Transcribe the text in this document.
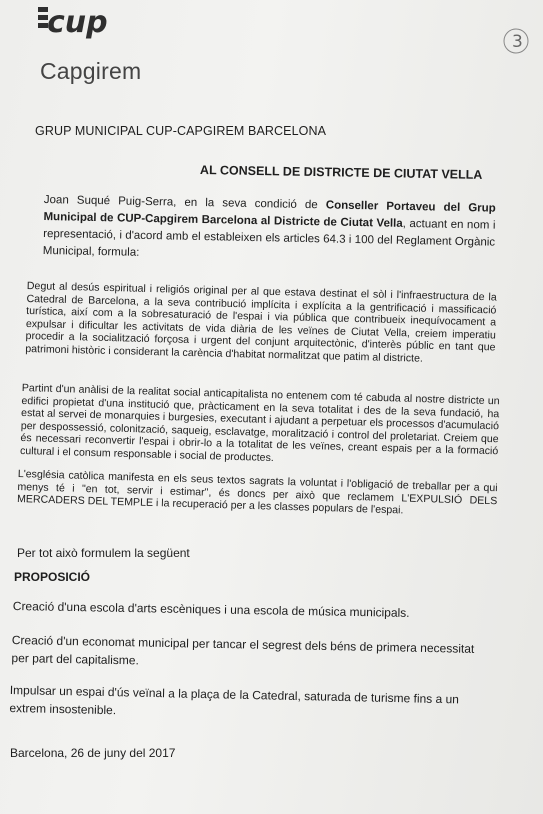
cup
Capgirem
3
GRUP MUNICIPAL CUP-CAPGIREM BARCELONA
AL CONSELL DE DISTRICTE DE CIUTAT VELLA
Joan Suqué Puig-Serra, en la seva condició de Conseller Portaveu del Grup Municipal de CUP-Capgirem Barcelona al Districte de Ciutat Vella, actuant en nom i representació, i d'acord amb el estableixen els articles 64.3 i 100 del Reglament Orgànic Municipal, formula:
Degut al desús espiritual i religiós original per al que estava destinat el sòl i l'infraestructura de la Catedral de Barcelona, a la seva contribució implícita i explícita a la gentrificació i massificació turística, així com a la sobresaturació de l'espai i via pública que contribueix inequívocament a expulsar i dificultar les activitats de vida diària de les veïnes de Ciutat Vella, creiem imperatiu procedir a la socialització forçosa i urgent del conjunt arquitectònic, d'interès públic en tant que patrimoni històric i considerant la carència d'habitat normalitzat que patim al districte.
Partint d'un anàlisi de la realitat social anticapitalista no entenem com té cabuda al nostre districte un edifici propietat d'una institució que, pràcticament en la seva totalitat i des de la seva fundació, ha estat al servei de monarquies i burgesies, executant i ajudant a perpetuar els processos d'acumulació per despossessió, colonització, saqueig, esclavatge, moralització i control del proletariat. Creiem que és necessari reconvertir l'espai i obrir-lo a la totalitat de les veïnes, creant espais per a la formació cultural i el consum responsable i social de productes.
L'església catòlica manifesta en els seus textos sagrats la voluntat i l'obligació de treballar per a qui menys té i "en tot, servir i estimar", és doncs per això que reclamem L'EXPULSIÓ DELS MERCADERS DEL TEMPLE i la recuperació per a les classes populars de l'espai.
Per tot això formulem la següent
PROPOSICIÓ
Creació d'una escola d'arts escèniques i una escola de música municipals.
Creació d'un economat municipal per tancar el segrest dels béns de primera necessitat per part del capitalisme.
Impulsar un espai d'ús veïnal a la plaça de la Catedral, saturada de turisme fins a un extrem insostenible.
Barcelona, 26 de juny del 2017
